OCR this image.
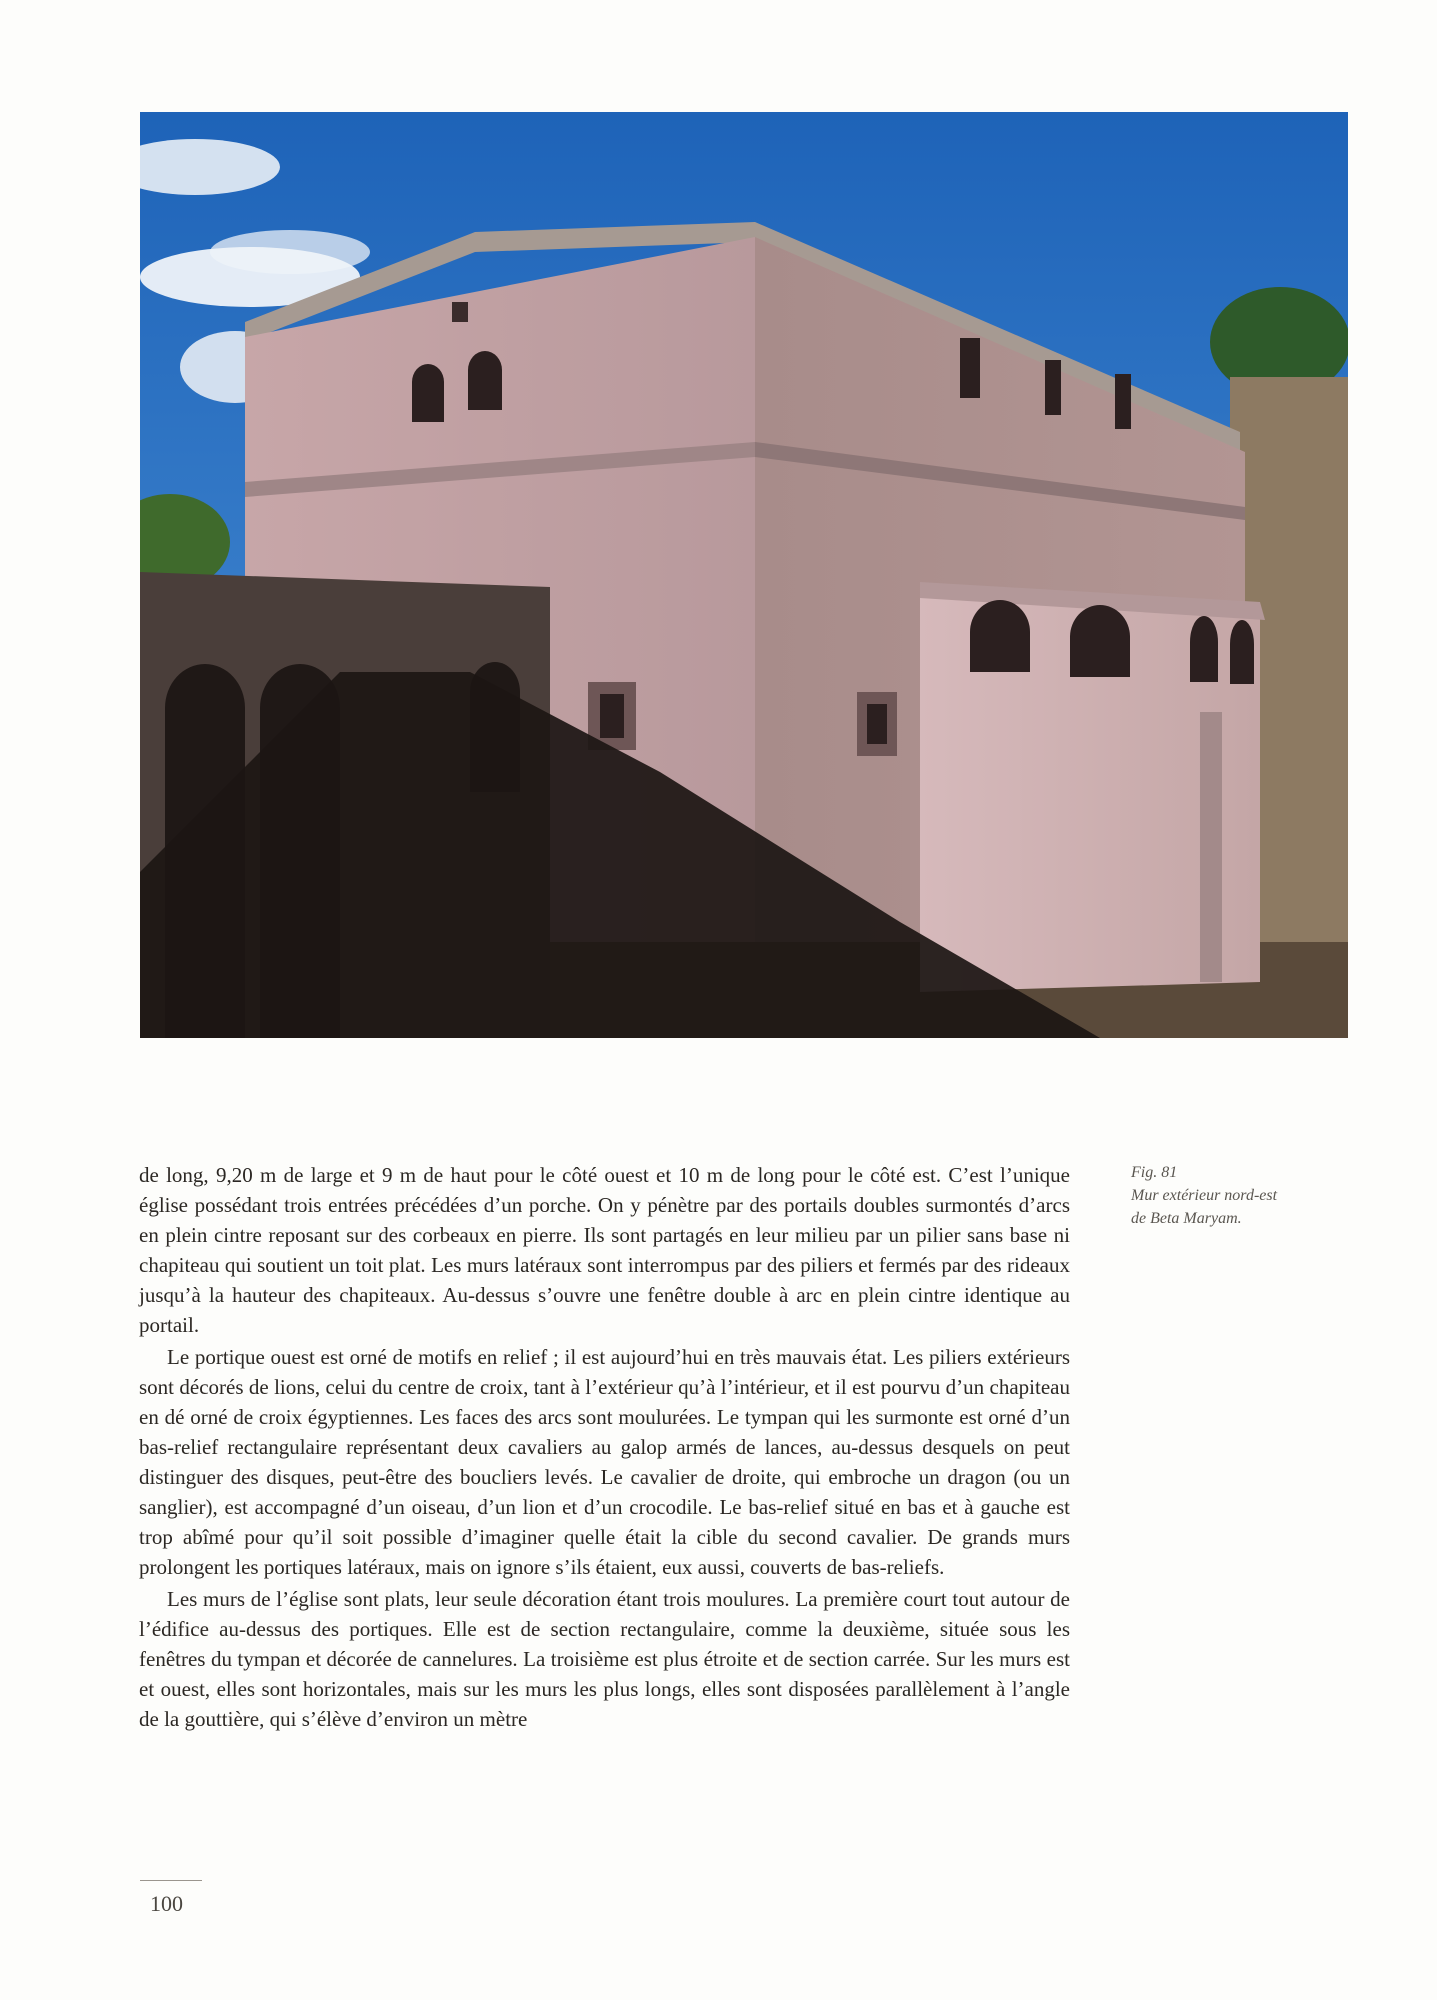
de long, 9,20 m de large et 9 m de haut pour le côté ouest et 10 m de long pour le côté est. C’est l’unique église possédant trois entrées précédées d’un porche. On y pénètre par des portails doubles surmontés d’arcs en plein cintre reposant sur des corbeaux en pierre. Ils sont partagés en leur milieu par un pilier sans base ni chapiteau qui soutient un toit plat. Les murs latéraux sont interrompus par des piliers et fermés par des rideaux jusqu’à la hauteur des chapiteaux. Au-dessus s’ouvre une fenêtre double à arc en plein cintre identique au portail.

Le portique ouest est orné de motifs en relief ; il est aujourd’hui en très mauvais état. Les piliers extérieurs sont décorés de lions, celui du centre de croix, tant à l’extérieur qu’à l’intérieur, et il est pourvu d’un chapiteau en dé orné de croix égyptiennes. Les faces des arcs sont moulurées. Le tympan qui les surmonte est orné d’un bas-relief rectangulaire représentant deux cavaliers au galop armés de lances, au-dessus desquels on peut distinguer des disques, peut-être des boucliers levés. Le cavalier de droite, qui embroche un dragon (ou un sanglier), est accompagné d’un oiseau, d’un lion et d’un crocodile. Le bas-relief situé en bas et à gauche est trop abîmé pour qu’il soit possible d’imaginer quelle était la cible du second cavalier. De grands murs prolongent les portiques latéraux, mais on ignore s’ils étaient, eux aussi, couverts de bas-reliefs.

Les murs de l’église sont plats, leur seule décoration étant trois moulures. La première court tout autour de l’édifice au-dessus des portiques. Elle est de section rectangulaire, comme la deuxième, située sous les fenêtres du tympan et décorée de cannelures. La troisième est plus étroite et de section carrée. Sur les murs est et ouest, elles sont horizontales, mais sur les murs les plus longs, elles sont disposées parallèlement à l’angle de la gouttière, qui s’élève d’environ un mètre

Fig. 81
Mur extérieur nord-est
de Beta Maryam.
100
